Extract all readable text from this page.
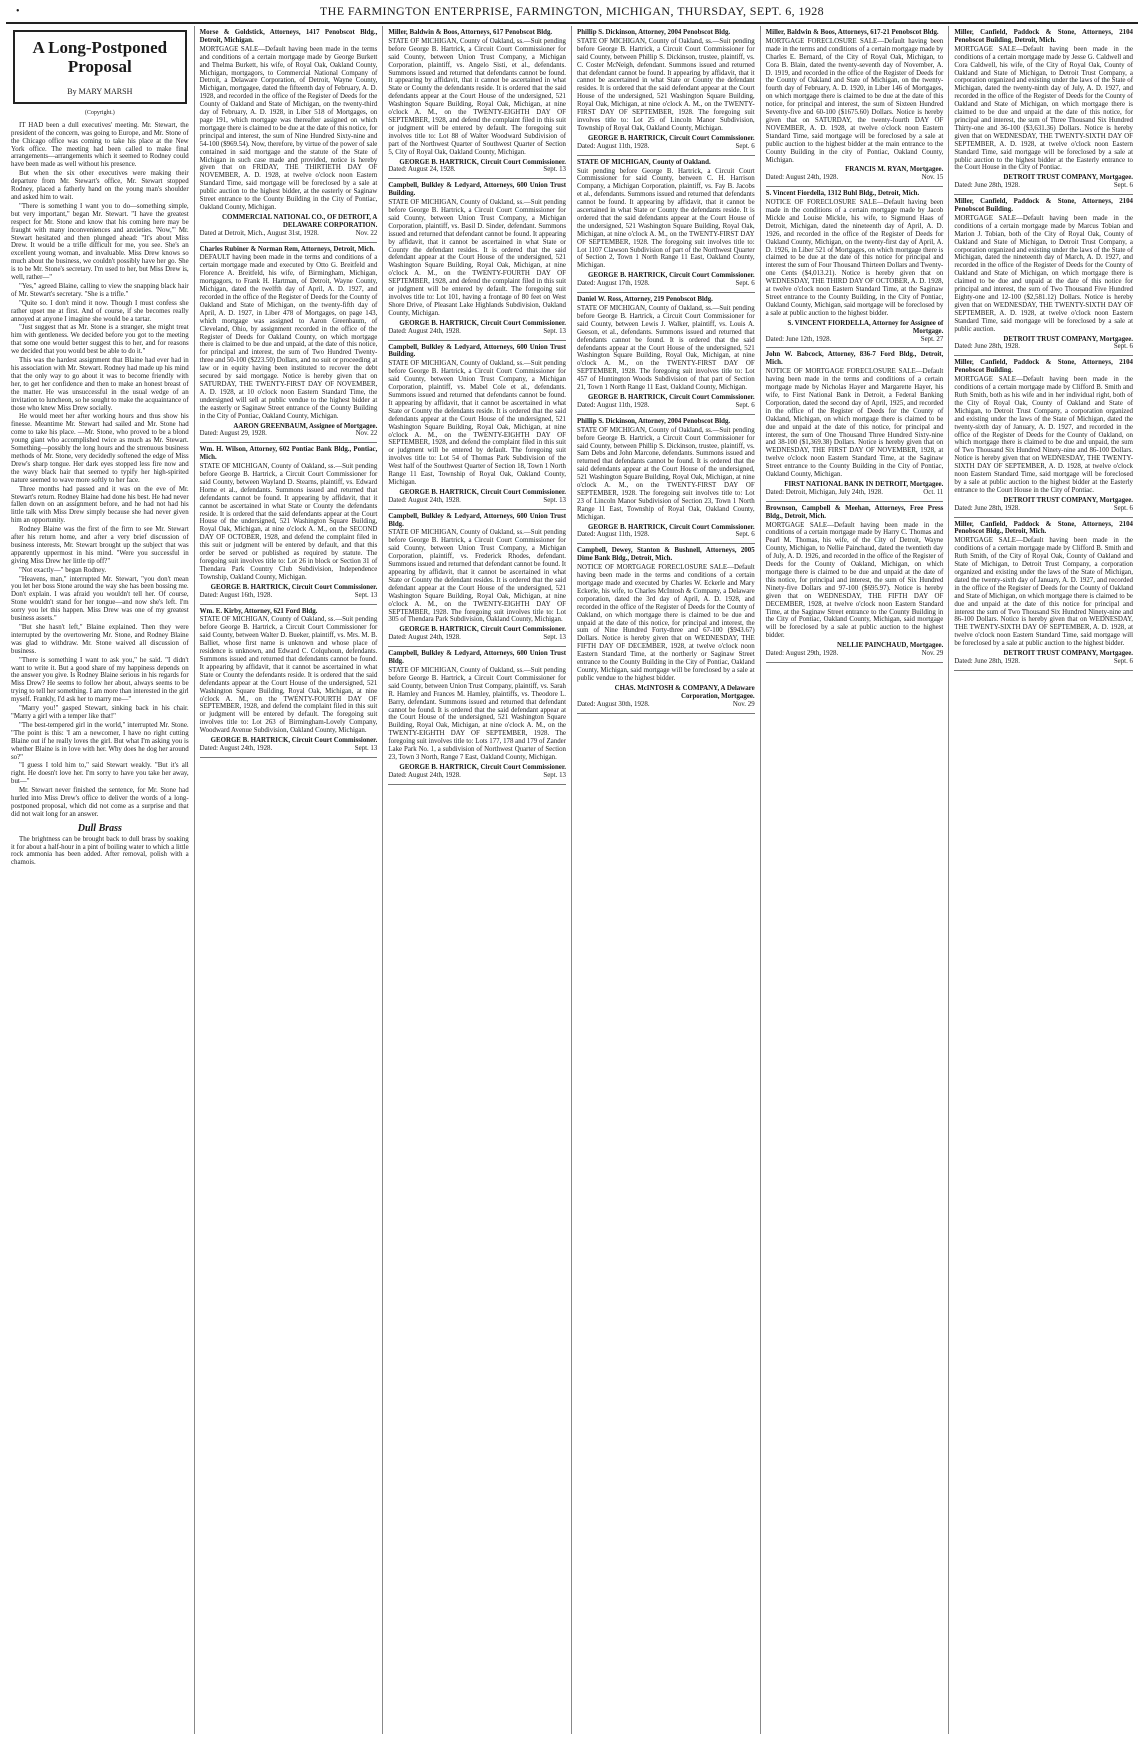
•	THE FARMINGTON ENTERPRISE, FARMINGTON, MICHIGAN, THURSDAY, SEPT. 6, 1928
A Long-Postponed Proposal
By MARY MARSH
(Copyright.)

IT HAD been a dull executives' meeting. Mr. Stewart, the president of the concern, was going to Europe, and Mr. Stone of the Chicago office was coming to take his place at the New York office. The meeting had been called to make final arrangements—arrangements which it seemed to Rodney could have been made as well without his presence.

But when the six other executives were making their departure from Mr. Stewart's office, Mr. Stewart stopped Rodney, placed a fatherly hand on the young man's shoulder and asked him to wait.

"There is something I want you to do—something simple, but very important," began Mr. Stewart. "I have the greatest respect for Mr. Stone and know that his coming here may be fraught with many inconveniences and anxieties. 'Now,'" Mr. Stewart hesitated and then plunged ahead: "It's about Miss Drew. It would be a trifle difficult for me, you see. She's an excellent young woman, and invaluable. Miss Drew knows so much about the business, we couldn't possibly have her go. She is to be Mr. Stone's secretary. I'm used to her, but Miss Drew is, well, rather—"

"Yes," agreed Blaine, calling to view the snapping black hair of Mr. Stewart's secretary. "She is a trifle."

"Quite so. I don't mind it now. Though I must confess she rather upset me at first. And of course, if she becomes really annoyed at anyone I imagine she would be a tartar.

"Just suggest that as Mr. Stone is a stranger, she might treat him with gentleness. We decided before you got to the meeting that some one would better suggest this to her, and for reasons we decided that you would best be able to do it."

This was the hardest assignment that Blaine had ever had in his association with Mr. Stewart. Rodney had made up his mind that the only way to go about it was to become friendly with her, to get her confidence and then to make an honest breast of the matter. He was unsuccessful in the usual wedge of an invitation to luncheon, so he sought to make the acquaintance of those who knew Miss Drew socially.

He would meet her after working hours and thus show his finesse. Meantime Mr. Stewart had sailed and Mr. Stone had come to take his place. —Mr. Stone, who proved to be a blond young giant who accomplished twice as much as Mr. Stewart. Something—possibly the long hours and the strenuous business methods of Mr. Stone, very decidedly softened the edge of Miss Drew's sharp tongue. Her dark eyes stopped less fire now and the wavy black hair that seemed to typify her high-spirited nature seemed to wave more softly to her face.

Three months had passed and it was on the eve of Mr. Stewart's return. Rodney Blaine had done his best. He had never fallen down on an assignment before, and he had not had his little talk with Miss Drew simply because she had never given him an opportunity.

Rodney Blaine was the first of the firm to see Mr. Stewart after his return home, and after a very brief discussion of business interests, Mr. Stewart brought up the subject that was apparently uppermost in his mind. "Were you successful in giving Miss Drew her little tip off?"

"Not exactly—" began Rodney.

"Heavens, man," interrupted Mr. Stewart, "you don't mean you let her boss Stone around the way she has been bossing me. Don't explain. I was afraid you wouldn't tell her. Of course, Stone wouldn't stand for her tongue—and now she's left. I'm sorry you let this happen. Miss Drew was one of my greatest business assets."

"But she hasn't left," Blaine explained. Then they were interrupted by the overtowering Mr. Stone, and Rodney Blaine was glad to withdraw. Mr. Stone waived all discussion of business.

"There is something I want to ask you," he said. "I didn't want to write it. But a good share of my happiness depends on the answer you give. Is Rodney Blaine serious in his regards for Miss Drew? He seems to follow her about, always seems to be trying to tell her something. I am more than interested in the girl myself. Frankly, I'd ask her to marry me—"

"Marry you!" gasped Stewart, sinking back in his chair. "Marry a girl with a temper like that!"

"The best-tempered girl in the world," interrupted Mr. Stone. "The point is this: 'I am a newcomer, I have no right cutting Blaine out if he really loves the girl. But what I'm asking you is whether Blaine is in love with her. Why does he dog her around so?"

"I guess I told him to," said Stewart weakly. "But it's all right. He doesn't love her. I'm sorry to have you take her away, but—"

Mr. Stewart never finished the sentence, for Mr. Stone had hurled into Miss Drew's office to deliver the words of a long-postponed proposal, which did not come as a surprise and that did not wait long for an answer.

Dull Brass

The brightness can be brought back to dull brass by soaking it for about a half-hour in a pint of boiling water to which a little rock ammonia has been added. After removal, polish with a chamois.

Morse & Goldstick, Attorneys, 1417 Penobscot Bldg., Detroit, Michigan.
MORTGAGE SALE—Default having been made in the terms and conditions of a certain mortgage made by George Burkett and Thelma Burkett, his wife, of Royal Oak, Oakland County, Michigan, mortgagors, to Commercial National Company of Detroit, a Delaware Corporation, of Detroit, Wayne County, Michigan, mortgagee, dated the fifteenth day of February, A. D. 1928, and recorded in the office of the Register of Deeds for the County of Oakland and State of Michigan, on the twenty-third day of February, A. D. 1928, in Liber 518 of Mortgages, on page 191, which mortgage was thereafter assigned on which mortgage there is claimed to be due at the date of this notice, for principal and interest, the sum of Nine Hundred Sixty-nine and 54-100 ($969.54). Now, therefore, by virtue of the power of sale contained in said mortgage and the statute of the State of Michigan in such case made and provided, notice is hereby given that on FRIDAY, THE THIRTIETH DAY OF NOVEMBER, A. D. 1928, at twelve o'clock noon Eastern Standard Time, said mortgage will be foreclosed by a sale at public auction to the highest bidder, at the easterly or Saginaw Street entrance to the County Building in the City of Pontiac, Oakland County, Michigan.
COMMERCIAL NATIONAL CO., OF DETROIT, A DELAWARE CORPORATION.
Dated at Detroit, Mich., August 31st, 1928.	Nov. 22
Charles Rubiner & Norman Rem, Attorneys, Detroit, Mich.
DEFAULT having been made in the terms and conditions of a certain mortgage made and executed by Otto G. Breitfeld and Florence A. Breitfeld, his wife, of Birmingham, Michigan, mortgagors, to Frank H. Hartman, of Detroit, Wayne County, Michigan, dated the twelfth day of April, A. D. 1927, and recorded in the office of the Register of Deeds for the County of Oakland and State of Michigan, on the twenty-fifth day of April, A. D. 1927, in Liber 478 of Mortgages, on page 143, which mortgage was assigned to Aaron Greenbaum, of Cleveland, Ohio, by assignment recorded in the office of the Register of Deeds for Oakland County, on which mortgage there is claimed to be due and unpaid, at the date of this notice, for principal and interest, the sum of Two Hundred Twenty-three and 50-100 ($223.50) Dollars, and no suit or proceeding at law or in equity having been instituted to recover the debt secured by said mortgage. Notice is hereby given that on SATURDAY, THE TWENTY-FIRST DAY OF NOVEMBER, A. D. 1928, at 10 o'clock noon Eastern Standard Time, the undersigned will sell at public vendue to the highest bidder at the easterly or Saginaw Street entrance of the County Building in the City of Pontiac, Oakland County, Michigan.
AARON GREENBAUM, Assignee of Mortgagee.
Dated: August 29, 1928.	Nov. 22
Wm. H. Wilson, Attorney, 602 Pontiac Bank Bldg., Pontiac, Mich.
STATE OF MICHIGAN, County of Oakland, ss.—Suit pending before George B. Hartrick, a Circuit Court Commissioner for said County, between Wayland D. Stearns, plaintiff, vs. Edward Horne et al., defendants. Summons issued and returned that defendants cannot be found. It appearing by affidavit, that it cannot be ascertained in what State or County the defendants reside. It is ordered that the said defendants appear at the Court House of the undersigned, 521 Washington Square Building, Royal Oak, Michigan, at nine o'clock A. M., on the SECOND DAY OF OCTOBER, 1928, and defend the complaint filed in this suit or judgment will be entered by default, and that this order be served or published as required by statute. The foregoing suit involves title to: Lot 26 in block or Section 31 of Thendara Park Country Club Subdivision, Independence Township, Oakland County, Michigan.
GEORGE B. HARTRICK, Circuit Court Commissioner.
Dated: August 16th, 1928.	Sept. 13
Wm. E. Kirby, Attorney, 621 Ford Bldg.
STATE OF MICHIGAN, County of Oakland, ss.—Suit pending before George B. Hartrick, a Circuit Court Commissioner for said County, between Walter D. Bueker, plaintiff, vs. Mrs. M. B. Balliet, whose first name is unknown and whose place of residence is unknown, and Edward C. Colquhoun, defendants. Summons issued and returned that defendants cannot be found. It appearing by affidavit, that it cannot be ascertained in what State or County the defendants reside. It is ordered that the said defendants appear at the Court House of the undersigned, 521 Washington Square Building, Royal Oak, Michigan, at nine o'clock A. M., on the TWENTY-FOURTH DAY OF SEPTEMBER, 1928, and defend the complaint filed in this suit or judgment will be entered by default. The foregoing suit involves title to: Lot 263 of Birmingham-Lovely Company, Woodward Avenue Subdivision, Oakland County, Michigan.
GEORGE B. HARTRICK, Circuit Court Commissioner.
Dated: August 24th, 1928.	Sept. 13
Miller, Baldwin & Boos, Attorneys, 617 Penobscot Bldg.
STATE OF MICHIGAN, County of Oakland, ss.—Suit pending before George B. Hartrick, a Circuit Court Commissioner for said County, between Union Trust Company, a Michigan Corporation, plaintiff, vs. Angelo Sisti, et al., defendants. Summons issued and returned that defendants cannot be found. It appearing by affidavit, that it cannot be ascertained in what State or County the defendants reside. It is ordered that the said defendants appear at the Court House of the undersigned, 521 Washington Square Building, Royal Oak, Michigan, at nine o'clock A. M., on the TWENTY-EIGHTH DAY OF SEPTEMBER, 1928, and defend the complaint filed in this suit or judgment will be entered by default. The foregoing suit involves title to: Lot 88 of Walter Woodward Subdivision of part of the Northwest Quarter of Southwest Quarter of Section 5, City of Royal Oak, Oakland County, Michigan.
GEORGE B. HARTRICK, Circuit Court Commissioner.
Dated: August 24, 1928.	Sept. 13
Campbell, Bulkley & Ledyard, Attorneys, 600 Union Trust Building.
STATE OF MICHIGAN, County of Oakland, ss.—Suit pending before George B. Hartrick, a Circuit Court Commissioner for said County, between Union Trust Company, a Michigan Corporation, plaintiff, vs. Basil D. Sinder, defendant. Summons issued and returned that defendant cannot be found. It appearing by affidavit, that it cannot be ascertained in what State or County the defendant resides. It is ordered that the said defendant appear at the Court House of the undersigned, 521 Washington Square Building, Royal Oak, Michigan, at nine o'clock A. M., on the TWENTY-FOURTH DAY OF SEPTEMBER, 1928, and defend the complaint filed in this suit or judgment will be entered by default. The foregoing suit involves title to: Lot 101, having a frontage of 80 feet on West Shore Drive, of Pleasant Lake Highlands Subdivision, Oakland County, Michigan.
GEORGE B. HARTRICK, Circuit Court Commissioner.
Dated: August 24th, 1928.	Sept. 13
Campbell, Bulkley & Ledyard, Attorneys, 600 Union Trust Building.
STATE OF MICHIGAN, County of Oakland, ss.—Suit pending before George B. Hartrick, a Circuit Court Commissioner for said County, between Union Trust Company, a Michigan Corporation, plaintiff, vs. Mabel Cole et al., defendants. Summons issued and returned that defendants cannot be found. It appearing by affidavit, that it cannot be ascertained in what State or County the defendants reside. It is ordered that the said defendants appear at the Court House of the undersigned, 521 Washington Square Building, Royal Oak, Michigan, at nine o'clock A. M., on the TWENTY-EIGHTH DAY OF SEPTEMBER, 1928, and defend the complaint filed in this suit or judgment will be entered by default. The foregoing suit involves title to: Lot 54 of Thomas Park Subdivision of the West half of the Southwest Quarter of Section 18, Town 1 North Range 11 East, Township of Royal Oak, Oakland County, Michigan.
GEORGE B. HARTRICK, Circuit Court Commissioner.
Dated: August 24th, 1928.	Sept. 13
Campbell, Bulkley & Ledyard, Attorneys, 600 Union Trust Bldg.
STATE OF MICHIGAN, County of Oakland, ss.—Suit pending before George B. Hartrick, a Circuit Court Commissioner for said County, between Union Trust Company, a Michigan Corporation, plaintiff, vs. Frederick Rhodes, defendant. Summons issued and returned that defendant cannot be found. It appearing by affidavit, that it cannot be ascertained in what State or County the defendant resides. It is ordered that the said defendant appear at the Court House of the undersigned, 521 Washington Square Building, Royal Oak, Michigan, at nine o'clock A. M., on the TWENTY-EIGHTH DAY OF SEPTEMBER, 1928. The foregoing suit involves title to: Lot 305 of Thendara Park Subdivision, Oakland County, Michigan.
GEORGE B. HARTRICK, Circuit Court Commissioner.
Dated: August 24th, 1928.	Sept. 13
Campbell, Bulkley & Ledyard, Attorneys, 600 Union Trust Bldg.
STATE OF MICHIGAN, County of Oakland, ss.—Suit pending before George B. Hartrick, a Circuit Court Commissioner for said County, between Union Trust Company, plaintiff, vs. Sarah R. Hamley and Frances M. Hamley, plaintiffs, vs. Theodore L. Barry, defendant. Summons issued and returned that defendant cannot be found. It is ordered that the said defendant appear at the Court House of the undersigned, 521 Washington Square Building, Royal Oak, Michigan, at nine o'clock A. M., on the TWENTY-EIGHTH DAY OF SEPTEMBER, 1928. The foregoing suit involves title to: Lots 177, 178 and 179 of Zander Lake Park No. 1, a subdivision of Northwest Quarter of Section 23, Town 3 North, Range 7 East, Oakland County, Michigan.
GEORGE B. HARTRICK, Circuit Court Commissioner.
Dated: August 24th, 1928.	Sept. 13
Phillip S. Dickinson, Attorney, 2004 Penobscot Bldg.
STATE OF MICHIGAN, County of Oakland, ss.—Suit pending before George B. Hartrick, a Circuit Court Commissioner for said County, between Phillip S. Dickinson, trustee, plaintiff, vs. C. Coster McNeigh, defendant. Summons issued and returned that defendant cannot be found. It appearing by affidavit, that it cannot be ascertained in what State or County the defendant resides. It is ordered that the said defendant appear at the Court House of the undersigned, 521 Washington Square Building, Royal Oak, Michigan, at nine o'clock A. M., on the TWENTY-FIRST DAY OF SEPTEMBER, 1928. The foregoing suit involves title to: Lot 25 of Lincoln Manor Subdivision, Township of Royal Oak, Oakland County, Michigan.
GEORGE B. HARTRICK, Circuit Court Commissioner.
Dated: August 11th, 1928.	Sept. 6
STATE OF MICHIGAN, County of Oakland.
Suit pending before George B. Hartrick, a Circuit Court Commissioner for said County, between C. H. Harrison Company, a Michigan Corporation, plaintiff, vs. Fay B. Jacobs et al., defendants. Summons issued and returned that defendants cannot be found. It appearing by affidavit, that it cannot be ascertained in what State or County the defendants reside. It is ordered that the said defendants appear at the Court House of the undersigned, 521 Washington Square Building, Royal Oak, Michigan, at nine o'clock A. M., on the TWENTY-FIRST DAY OF SEPTEMBER, 1928. The foregoing suit involves title to: Lot 1107 Clawson Subdivision of part of the Northwest Quarter of Section 2, Town 1 North Range 11 East, Oakland County, Michigan.
GEORGE B. HARTRICK, Circuit Court Commissioner.
Dated: August 17th, 1928.	Sept. 6
Daniel W. Ross, Attorney, 219 Penobscot Bldg.
STATE OF MICHIGAN, County of Oakland, ss.—Suit pending before George B. Hartrick, a Circuit Court Commissioner for said County, between Lewis J. Walker, plaintiff, vs. Louis A. Geeson, et al., defendants. Summons issued and returned that defendants cannot be found. It is ordered that the said defendants appear at the Court House of the undersigned, 521 Washington Square Building, Royal Oak, Michigan, at nine o'clock A. M., on the TWENTY-FIRST DAY OF SEPTEMBER, 1928. The foregoing suit involves title to: Lot 457 of Huntington Woods Subdivision of that part of Section 21, Town 1 North Range 11 East, Oakland County, Michigan.
GEORGE B. HARTRICK, Circuit Court Commissioner.
Dated: August 11th, 1928.	Sept. 6
Phillip S. Dickinson, Attorney, 2004 Penobscot Bldg.
STATE OF MICHIGAN, County of Oakland, ss.—Suit pending before George B. Hartrick, a Circuit Court Commissioner for said County, between Phillip S. Dickinson, trustee, plaintiff, vs. Sam Debs and John Marcone, defendants. Summons issued and returned that defendants cannot be found. It is ordered that the said defendants appear at the Court House of the undersigned, 521 Washington Square Building, Royal Oak, Michigan, at nine o'clock A. M., on the TWENTY-FIRST DAY OF SEPTEMBER, 1928. The foregoing suit involves title to: Lot 23 of Lincoln Manor Subdivision of Section 23, Town 1 North Range 11 East, Township of Royal Oak, Oakland County, Michigan.
GEORGE B. HARTRICK, Circuit Court Commissioner.
Dated: August 11th, 1928.	Sept. 6
Campbell, Dewey, Stanton & Bushnell, Attorneys, 2005 Dime Bank Bldg., Detroit, Mich.
NOTICE OF MORTGAGE FORECLOSURE SALE—Default having been made in the terms and conditions of a certain mortgage made and executed by Charles W. Eckerle and Mary Eckerle, his wife, to Charles McIntosh & Company, a Delaware corporation, dated the 3rd day of April, A. D. 1928, and recorded in the office of the Register of Deeds for the County of Oakland, on which mortgage there is claimed to be due and unpaid at the date of this notice, for principal and interest, the sum of Nine Hundred Forty-three and 67-100 ($943.67) Dollars. Notice is hereby given that on WEDNESDAY, THE FIFTH DAY OF DECEMBER, 1928, at twelve o'clock noon Eastern Standard Time, at the northerly or Saginaw Street entrance to the County Building in the City of Pontiac, Oakland County, Michigan, said mortgage will be foreclosed by a sale at public vendue to the highest bidder.
CHAS. McINTOSH & COMPANY, A Delaware Corporation, Mortgagee.
Dated: August 30th, 1928.	Nov. 29
Miller, Baldwin & Boos, Attorneys, 617-21 Penobscot Bldg.
MORTGAGE FORECLOSURE SALE—Default having been made in the terms and conditions of a certain mortgage made by Charles E. Bernard, of the City of Royal Oak, Michigan, to Cora B. Blain, dated the twenty-seventh day of November, A. D. 1919, and recorded in the office of the Register of Deeds for the County of Oakland and State of Michigan, on the twenty-fourth day of February, A. D. 1920, in Liber 146 of Mortgages, on which mortgage there is claimed to be due at the date of this notice, for principal and interest, the sum of Sixteen Hundred Seventy-five and 60-100 ($1675.60) Dollars. Notice is hereby given that on SATURDAY, the twenty-fourth DAY OF NOVEMBER, A. D. 1928, at twelve o'clock noon Eastern Standard Time, said mortgage will be foreclosed by a sale at public auction to the highest bidder at the main entrance to the County Building in the city of Pontiac, Oakland County, Michigan.
FRANCIS M. RYAN, Mortgagee.
Dated: August 24th, 1928.	Nov. 15
S. Vincent Fiordella, 1312 Buhl Bldg., Detroit, Mich.
NOTICE OF FORECLOSURE SALE—Default having been made in the conditions of a certain mortgage made by Jacob Mickle and Louise Mickle, his wife, to Sigmund Haas of Detroit, Michigan, dated the nineteenth day of April, A. D. 1926, and recorded in the office of the Register of Deeds for Oakland County, Michigan, on the twenty-first day of April, A. D. 1926, in Liber 521 of Mortgages, on which mortgage there is claimed to be due at the date of this notice for principal and interest the sum of Four Thousand Thirteen Dollars and Twenty-one Cents ($4,013.21). Notice is hereby given that on WEDNESDAY, THE THIRD DAY OF OCTOBER, A. D. 1928, at twelve o'clock noon Eastern Standard Time, at the Saginaw Street entrance to the County Building, in the City of Pontiac, Oakland County, Michigan, said mortgage will be foreclosed by a sale at public auction to the highest bidder.
S. VINCENT FIORDELLA, Attorney for Assignee of Mortgage.
Dated: June 12th, 1928.	Sept. 27
John W. Babcock, Attorney, 836-7 Ford Bldg., Detroit, Mich.
NOTICE OF MORTGAGE FORECLOSURE SALE—Default having been made in the terms and conditions of a certain mortgage made by Nicholas Hayer and Margarette Hayer, his wife, to First National Bank in Detroit, a Federal Banking Corporation, dated the second day of April, 1925, and recorded in the office of the Register of Deeds for the County of Oakland, Michigan, on which mortgage there is claimed to be due and unpaid at the date of this notice, for principal and interest, the sum of One Thousand Three Hundred Sixty-nine and 38-100 ($1,369.38) Dollars. Notice is hereby given that on WEDNESDAY, THE FIRST DAY OF NOVEMBER, 1928, at twelve o'clock noon Eastern Standard Time, at the Saginaw Street entrance to the County Building in the City of Pontiac, Oakland County, Michigan.
FIRST NATIONAL BANK IN DETROIT, Mortgagee.
Dated: Detroit, Michigan, July 24th, 1928.	Oct. 11
Brownson, Campbell & Meehan, Attorneys, Free Press Bldg., Detroit, Mich.
MORTGAGE SALE—Default having been made in the conditions of a certain mortgage made by Harry C. Thomas and Pearl M. Thomas, his wife, of the City of Detroit, Wayne County, Michigan, to Nellie Painchaud, dated the twentieth day of July, A. D. 1926, and recorded in the office of the Register of Deeds for the County of Oakland, Michigan, on which mortgage there is claimed to be due and unpaid at the date of this notice, for principal and interest, the sum of Six Hundred Ninety-five Dollars and 97-100 ($695.97). Notice is hereby given that on WEDNESDAY, THE FIFTH DAY OF DECEMBER, 1928, at twelve o'clock noon Eastern Standard Time, at the Saginaw Street entrance to the County Building in the City of Pontiac, Oakland County, Michigan, said mortgage will be foreclosed by a sale at public auction to the highest bidder.
NELLIE PAINCHAUD, Mortgagee.
Dated: August 29th, 1928.	Nov. 29
Miller, Canfield, Paddock & Stone, Attorneys, 2104 Penobscot Building, Detroit, Mich.
MORTGAGE SALE—Default having been made in the conditions of a certain mortgage made by Jesse G. Caldwell and Cora Caldwell, his wife, of the City of Royal Oak, County of Oakland and State of Michigan, to Detroit Trust Company, a corporation organized and existing under the laws of the State of Michigan, dated the twenty-ninth day of July, A. D. 1927, and recorded in the office of the Register of Deeds for the County of Oakland and State of Michigan, on which mortgage there is claimed to be due and unpaid at the date of this notice, for principal and interest, the sum of Three Thousand Six Hundred Thirty-one and 36-100 ($3,631.36) Dollars. Notice is hereby given that on WEDNESDAY, THE TWENTY-SIXTH DAY OF SEPTEMBER, A. D. 1928, at twelve o'clock noon Eastern Standard Time, said mortgage will be foreclosed by a sale at public auction to the highest bidder at the Easterly entrance to the Court House in the City of Pontiac.
DETROIT TRUST COMPANY, Mortgagee.
Dated: June 28th, 1928.	Sept. 6
Miller, Canfield, Paddock & Stone, Attorneys, 2104 Penobscot Building.
MORTGAGE SALE—Default having been made in the conditions of a certain mortgage made by Marcus Tobian and Marion J. Tobian, both of the City of Royal Oak, County of Oakland and State of Michigan, to Detroit Trust Company, a corporation organized and existing under the laws of the State of Michigan, dated the nineteenth day of March, A. D. 1927, and recorded in the office of the Register of Deeds for the County of Oakland and State of Michigan, on which mortgage there is claimed to be due and unpaid at the date of this notice for principal and interest, the sum of Two Thousand Five Hundred Eighty-one and 12-100 ($2,581.12) Dollars. Notice is hereby given that on WEDNESDAY, THE TWENTY-SIXTH DAY OF SEPTEMBER, A. D. 1928, at twelve o'clock noon Eastern Standard Time, said mortgage will be foreclosed by a sale at public auction.
DETROIT TRUST COMPANY, Mortgagee.
Dated: June 28th, 1928.	Sept. 6
Miller, Canfield, Paddock & Stone, Attorneys, 2104 Penobscot Building.
MORTGAGE SALE—Default having been made in the conditions of a certain mortgage made by Clifford B. Smith and Ruth Smith, both as his wife and in her individual right, both of the City of Royal Oak, County of Oakland and State of Michigan, to Detroit Trust Company, a corporation organized and existing under the laws of the State of Michigan, dated the twenty-sixth day of January, A. D. 1927, and recorded in the office of the Register of Deeds for the County of Oakland, on which mortgage there is claimed to be due and unpaid, the sum of Two Thousand Six Hundred Ninety-nine and 86-100 Dollars. Notice is hereby given that on WEDNESDAY, THE TWENTY-SIXTH DAY OF SEPTEMBER, A. D. 1928, at twelve o'clock noon Eastern Standard Time, said mortgage will be foreclosed by a sale at public auction to the highest bidder at the Easterly entrance to the Court House in the City of Pontiac.
DETROIT TRUST COMPANY, Mortgagee.
Dated: June 28th, 1928.	Sept. 6
Miller, Canfield, Paddock & Stone, Attorneys, 2104 Penobscot Bldg., Detroit, Mich.
MORTGAGE SALE—Default having been made in the conditions of a certain mortgage made by Clifford B. Smith and Ruth Smith, of the City of Royal Oak, County of Oakland and State of Michigan, to Detroit Trust Company, a corporation organized and existing under the laws of the State of Michigan, dated the twenty-sixth day of January, A. D. 1927, and recorded in the office of the Register of Deeds for the County of Oakland and State of Michigan, on which mortgage there is claimed to be due and unpaid at the date of this notice for principal and interest the sum of Two Thousand Six Hundred Ninety-nine and 86-100 Dollars. Notice is hereby given that on WEDNESDAY, THE TWENTY-SIXTH DAY OF SEPTEMBER, A. D. 1928, at twelve o'clock noon Eastern Standard Time, said mortgage will be foreclosed by a sale at public auction to the highest bidder.
DETROIT TRUST COMPANY, Mortgagee.
Dated: June 28th, 1928.	Sept. 6
